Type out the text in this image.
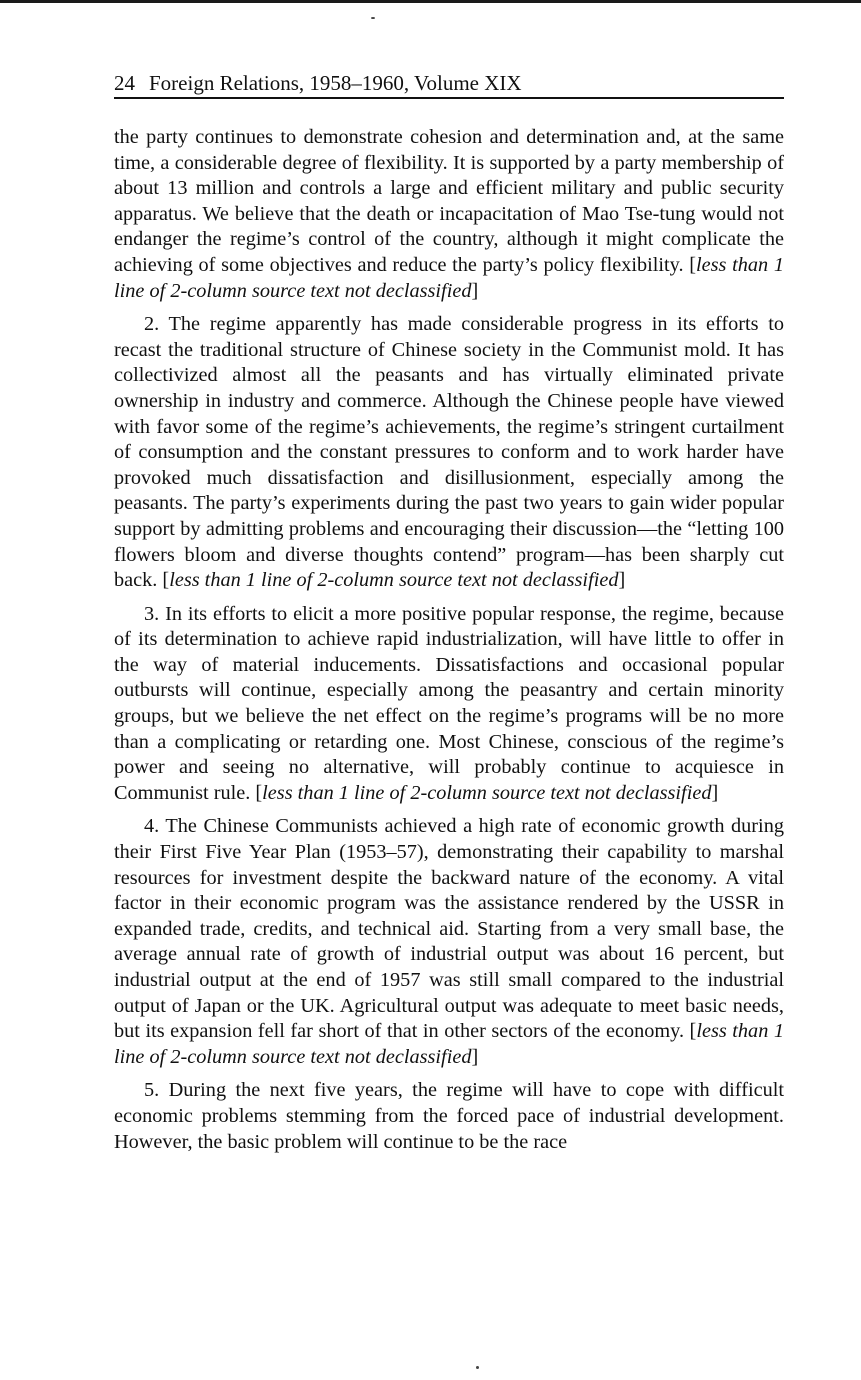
24 Foreign Relations, 1958–1960, Volume XIX

the party continues to demonstrate cohesion and determination and, at the same time, a considerable degree of flexibility. It is supported by a party membership of about 13 million and controls a large and efficient military and public security apparatus. We believe that the death or incapacitation of Mao Tse-tung would not endanger the regime’s control of the country, although it might complicate the achieving of some objectives and reduce the party’s policy flexibility. [less than 1 line of 2-column source text not declassified]

2. The regime apparently has made considerable progress in its efforts to recast the traditional structure of Chinese society in the Communist mold. It has collectivized almost all the peasants and has virtually eliminated private ownership in industry and commerce. Although the Chinese people have viewed with favor some of the regime’s achievements, the regime’s stringent curtailment of consumption and the constant pressures to conform and to work harder have provoked much dissatisfaction and disillusionment, especially among the peasants. The party’s experiments during the past two years to gain wider popular support by admitting problems and encouraging their discussion—the “letting 100 flowers bloom and diverse thoughts contend” program—has been sharply cut back. [less than 1 line of 2-column source text not declassified]

3. In its efforts to elicit a more positive popular response, the regime, because of its determination to achieve rapid industrialization, will have little to offer in the way of material inducements. Dissatisfactions and occasional popular outbursts will continue, especially among the peasantry and certain minority groups, but we believe the net effect on the regime’s programs will be no more than a complicating or retarding one. Most Chinese, conscious of the regime’s power and seeing no alternative, will probably continue to acquiesce in Communist rule. [less than 1 line of 2-column source text not declassified]

4. The Chinese Communists achieved a high rate of economic growth during their First Five Year Plan (1953–57), demonstrating their capability to marshal resources for investment despite the backward nature of the economy. A vital factor in their economic program was the assistance rendered by the USSR in expanded trade, credits, and technical aid. Starting from a very small base, the average annual rate of growth of industrial output was about 16 percent, but industrial output at the end of 1957 was still small compared to the industrial output of Japan or the UK. Agricultural output was adequate to meet basic needs, but its expansion fell far short of that in other sectors of the economy. [less than 1 line of 2-column source text not declassified]

5. During the next five years, the regime will have to cope with difficult economic problems stemming from the forced pace of industrial development. However, the basic problem will continue to be the race
